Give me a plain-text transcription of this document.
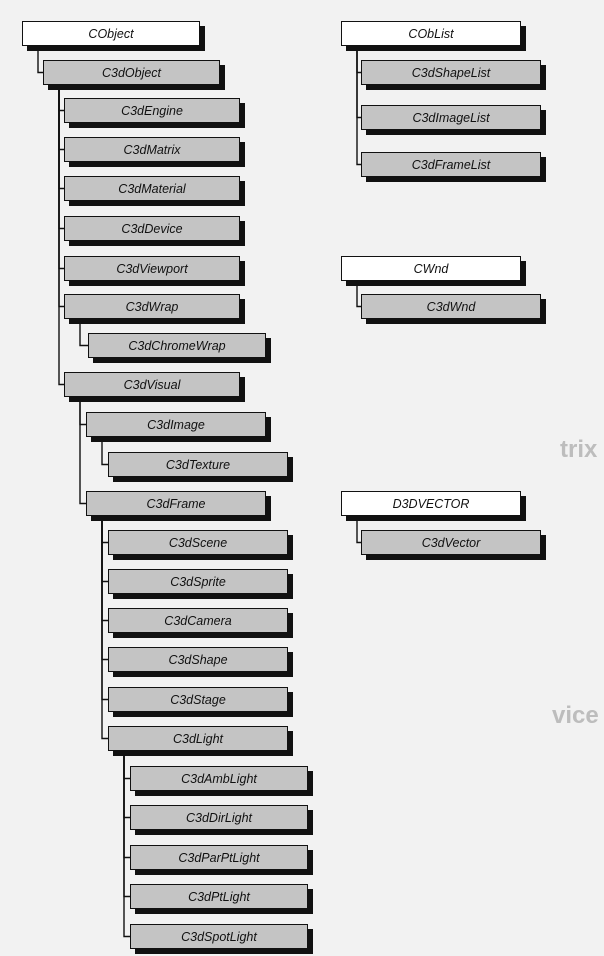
trix
vice
CObject
C3dObject
C3dEngine
C3dMatrix
C3dMaterial
C3dDevice
C3dViewport
C3dWrap
C3dChromeWrap
C3dVisual
C3dImage
C3dTexture
C3dFrame
C3dScene
C3dSprite
C3dCamera
C3dShape
C3dStage
C3dLight
C3dAmbLight
C3dDirLight
C3dParPtLight
C3dPtLight
C3dSpotLight
CObList
C3dShapeList
C3dImageList
C3dFrameList
CWnd
C3dWnd
D3DVECTOR
C3dVector
